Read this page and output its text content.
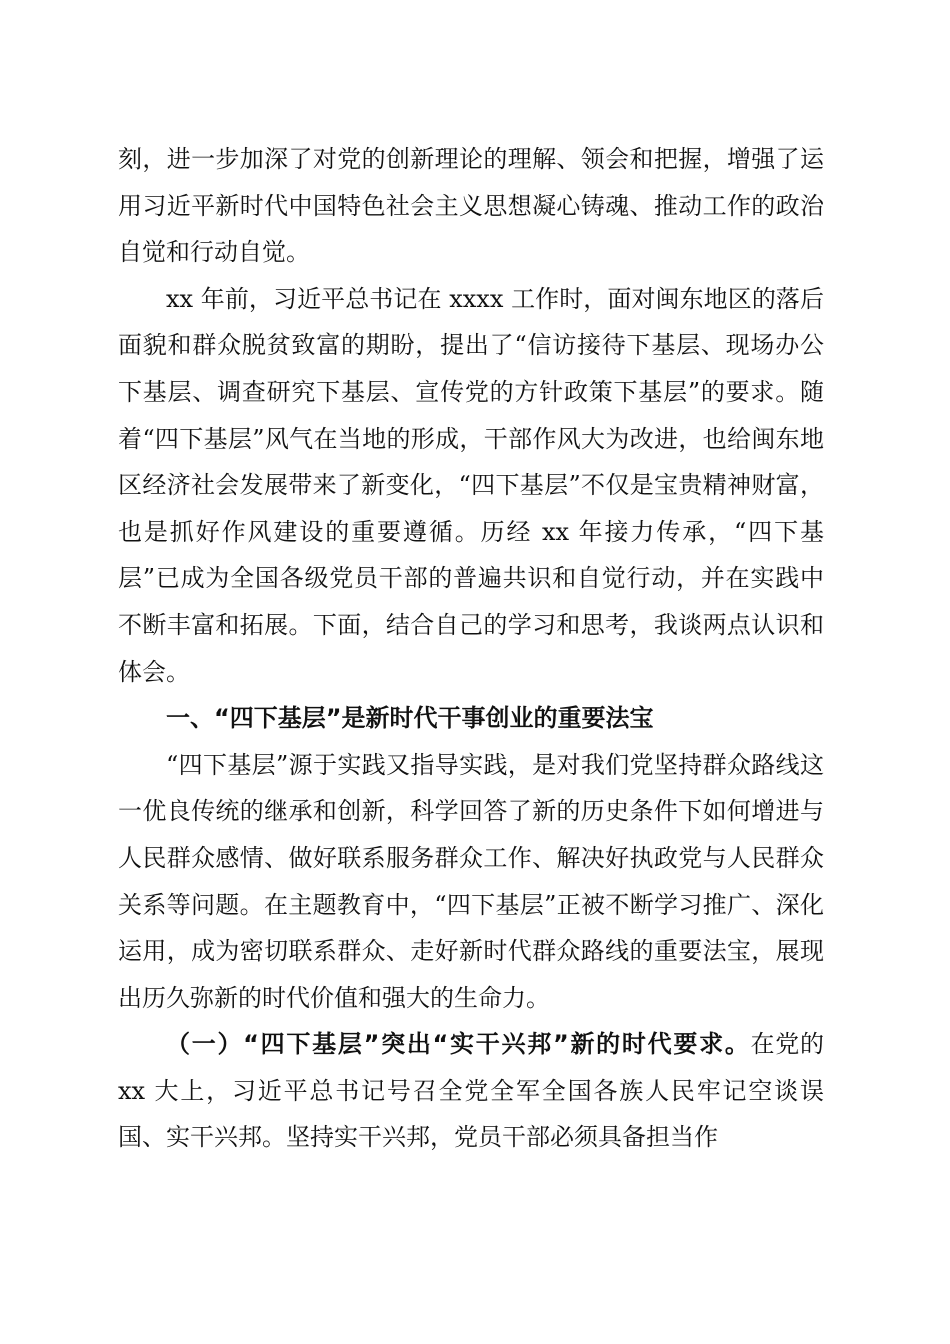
刻，进一步加深了对党的创新理论的理解、领会和把握，增强了运用习近平新时代中国特色社会主义思想凝心铸魂、推动工作的政治自觉和行动自觉。

xx 年前，习近平总书记在 xxxx 工作时，面对闽东地区的落后面貌和群众脱贫致富的期盼，提出了“信访接待下基层、现场办公下基层、调查研究下基层、宣传党的方针政策下基层”的要求。随着“四下基层”风气在当地的形成，干部作风大为改进，也给闽东地区经济社会发展带来了新变化，“四下基层”不仅是宝贵精神财富，也是抓好作风建设的重要遵循。历经 xx 年接力传承，“四下基层”已成为全国各级党员干部的普遍共识和自觉行动，并在实践中不断丰富和拓展。下面，结合自己的学习和思考，我谈两点认识和体会。

一、“四下基层”是新时代干事创业的重要法宝

“四下基层”源于实践又指导实践，是对我们党坚持群众路线这一优良传统的继承和创新，科学回答了新的历史条件下如何增进与人民群众感情、做好联系服务群众工作、解决好执政党与人民群众关系等问题。在主题教育中，“四下基层”正被不断学习推广、深化运用，成为密切联系群众、走好新时代群众路线的重要法宝，展现出历久弥新的时代价值和强大的生命力。

（一）“四下基层”突出“实干兴邦”新的时代要求。在党的 xx 大上，习近平总书记号召全党全军全国各族人民牢记空谈误国、实干兴邦。坚持实干兴邦，党员干部必须具备担当作
